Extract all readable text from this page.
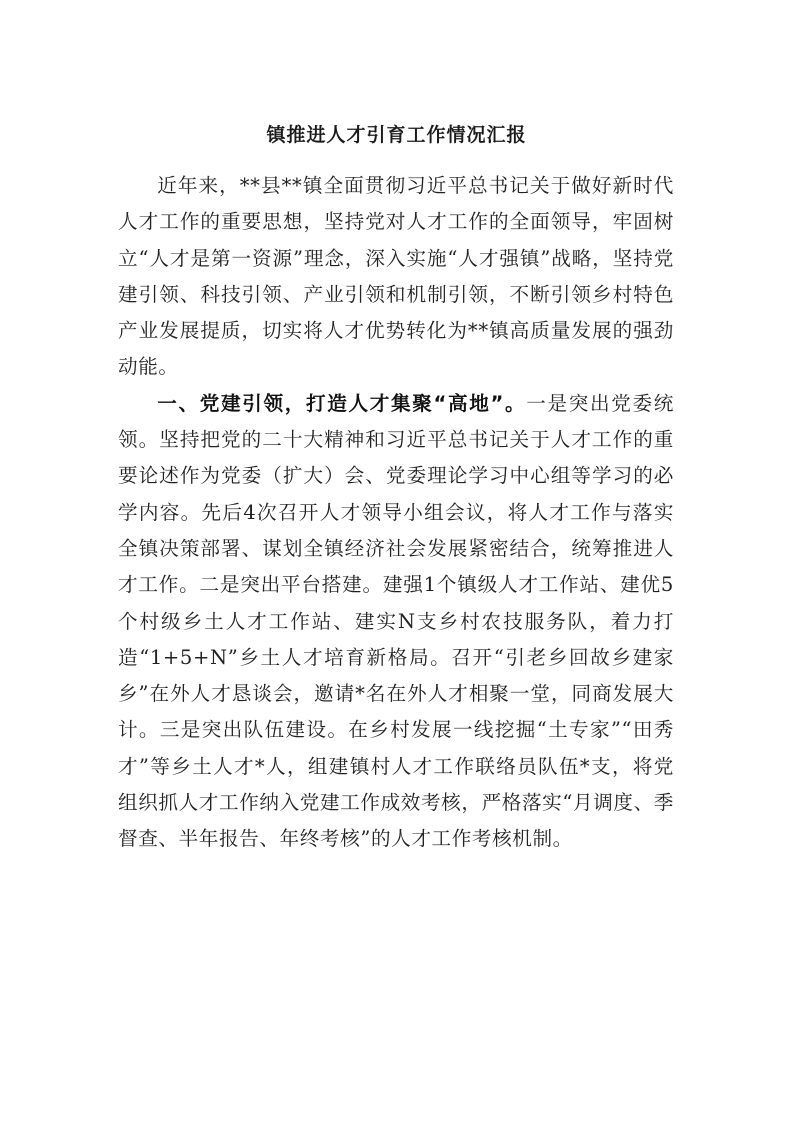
镇推进人才引育工作情况汇报

近年来，**县**镇全面贯彻习近平总书记关于做好新时代人才工作的重要思想，坚持党对人才工作的全面领导，牢固树立“人才是第一资源”理念，深入实施“人才强镇”战略，坚持党建引领、科技引领、产业引领和机制引领，不断引领乡村特色产业发展提质，切实将人才优势转化为**镇高质量发展的强劲动能。

一、党建引领，打造人才集聚“高地”。一是突出党委统领。坚持把党的二十大精神和习近平总书记关于人才工作的重要论述作为党委（扩大）会、党委理论学习中心组等学习的必学内容。先后4次召开人才领导小组会议，将人才工作与落实全镇决策部署、谋划全镇经济社会发展紧密结合，统筹推进人才工作。二是突出平台搭建。建强1个镇级人才工作站、建优5个村级乡土人才工作站、建实N支乡村农技服务队，着力打造“1+5+N”乡土人才培育新格局。召开“引老乡回故乡建家乡”在外人才恳谈会，邀请*名在外人才相聚一堂，同商发展大计。三是突出队伍建设。在乡村发展一线挖掘“土专家”“田秀才”等乡土人才*人，组建镇村人才工作联络员队伍*支，将党组织抓人才工作纳入党建工作成效考核，严格落实“月调度、季督查、半年报告、年终考核”的人才工作考核机制。
